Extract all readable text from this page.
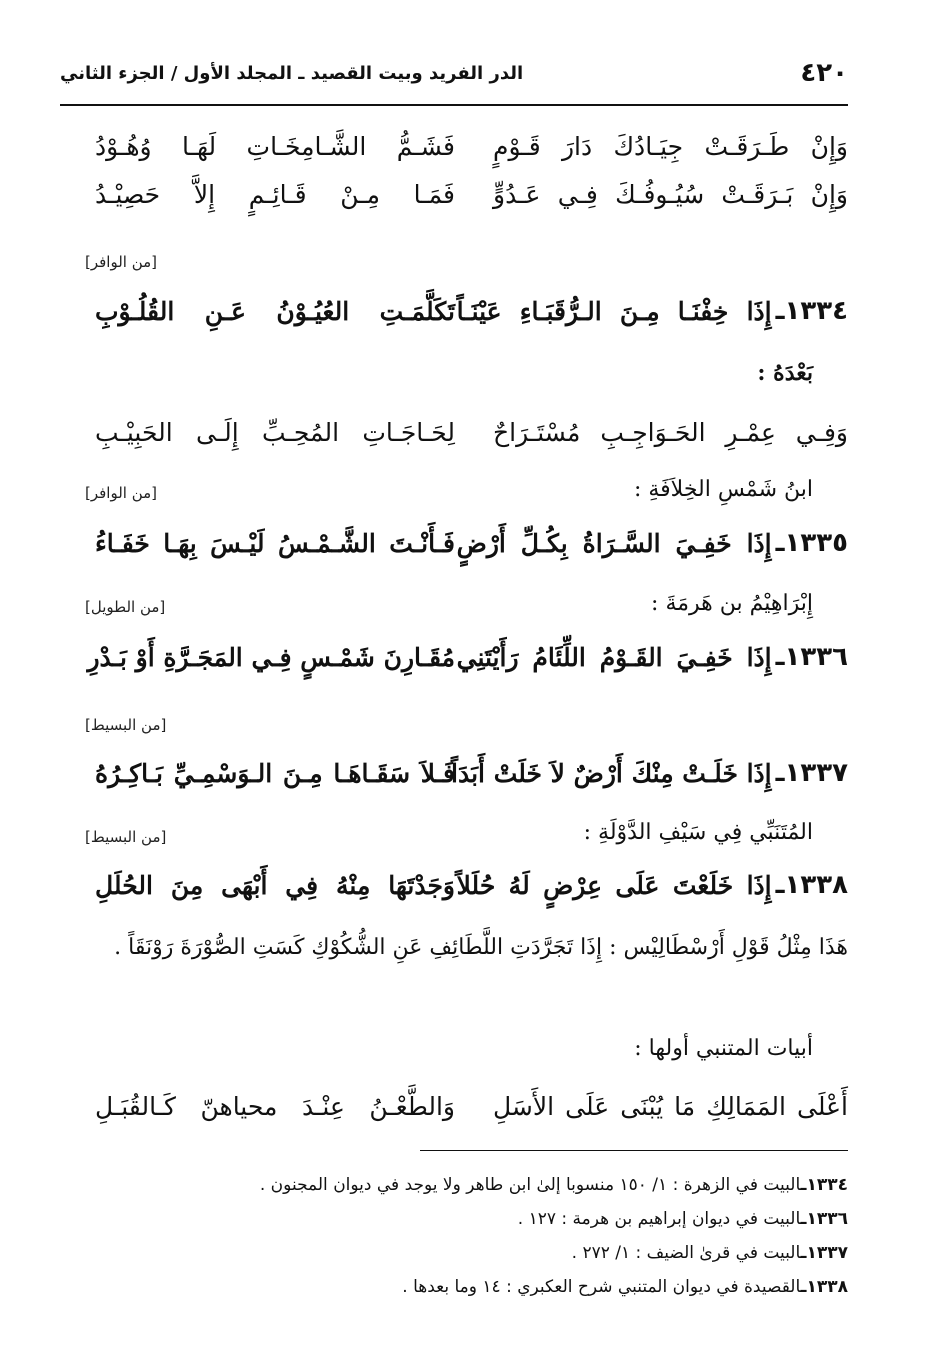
٤٢٠
الدر الفريد وبيت القصيد ـ المجلد الأول / الجزء الثاني
وَإِنْ طَـرَقَـتْ جِيَـادُكَ دَارَ قَـوْمٍ
فَشَـمُّ الشَّـامِخَـاتِ لَهَـا وُهُـوْدُ
وَإِنْ بَـرَقَـتْ سُيُـوفُـكَ فِـي عَـدُوٍّ
فَمَـا مِـنْ قَـائِـمٍ إِلاَّ حَصِيْـدُ
[من الوافر]
١٣٣٤ـ
إِذَا خِفْنَـا مِـنَ الـرُّقَبَـاءِ عَيْنَـاً
تَكَلَّمَـتِ العُيُـوْنُ عَـنِ القُلُـوْبِ
بَعْدَهُ :
وَفِـي عِمْـرِ الحَـوَاجِـبِ مُسْتَـرَاحٌ
لِحَـاجَـاتِ المُحِـبِّ إِلَـى الحَبِيْـبِ
ابنُ شَمْسِ الخِلاَفَةِ :
[من الوافر]
١٣٣٥ـ
إِذَا خَفِـيَ السَّـرَاةُ بِكُـلِّ أَرْضٍ
فَـأَنْـتَ الشَّـمْـسُ لَيْـسَ بِهَـا خَفَـاءُ
إِبْرَاهِيْمُ بن هَرمَةَ :
[من الطويل]
١٣٣٦ـ
إِذَا خَفِـيَ القَـوْمُ اللِّئَامُ رَأَيْتَنِي
مُقَـارِنَ شَمْـسٍ فِـي المَجَـرَّةِ أَوْ بَـدْرِ
[من البسيط]
١٣٣٧ـ
إِذَا خَلَـتْ مِنْكَ أَرْضٌ لاَ خَلَتْ أَبَدَاً
فَـلاَ سَقَـاهَـا مِـنَ الـوَسْمِـيِّ بَـاكِـرُهُ
المُتَنَبِّي فِي سَيْفِ الدَّوْلَةِ :
[من البسيط]
١٣٣٨ـ
إِذَا خَلَعْتَ عَلَى عِرْضٍ لَهُ حُلَلاً
وَجَدْتَهَا مِنْهُ فِي أَبْهَى مِنَ الحُلَلِ
هَذَا مِثْلُ قَوْلِ أَرْسْطَالِيْس : إِذَا تَجَرَّدَتِ اللَّطَائِفِ عَنِ الشُّكُوْكِ كَسَتِ الصُّوْرَةَ رَوْنَقَاً .
أبيات المتنبي أولها :
أَعْلَى المَمَالِكِ مَا يُبْنَى عَلَى الأَسَلِ
وَالطَّعْـنُ عِنْـدَ محياهنّ كَـالقُبَـلِ
١٣٣٤ـالبيت في الزهرة : ١/ ١٥٠ منسوبا إلىٰ ابن طاهر ولا يوجد في ديوان المجنون .
١٣٣٦ـالبيت في ديوان إبراهيم بن هرمة : ١٢٧ .
١٣٣٧ـالبيت في قرىٰ الضيف : ١/ ٢٧٢ .
١٣٣٨ـالقصيدة في ديوان المتنبي شرح العكبري : ١٤ وما بعدها .
